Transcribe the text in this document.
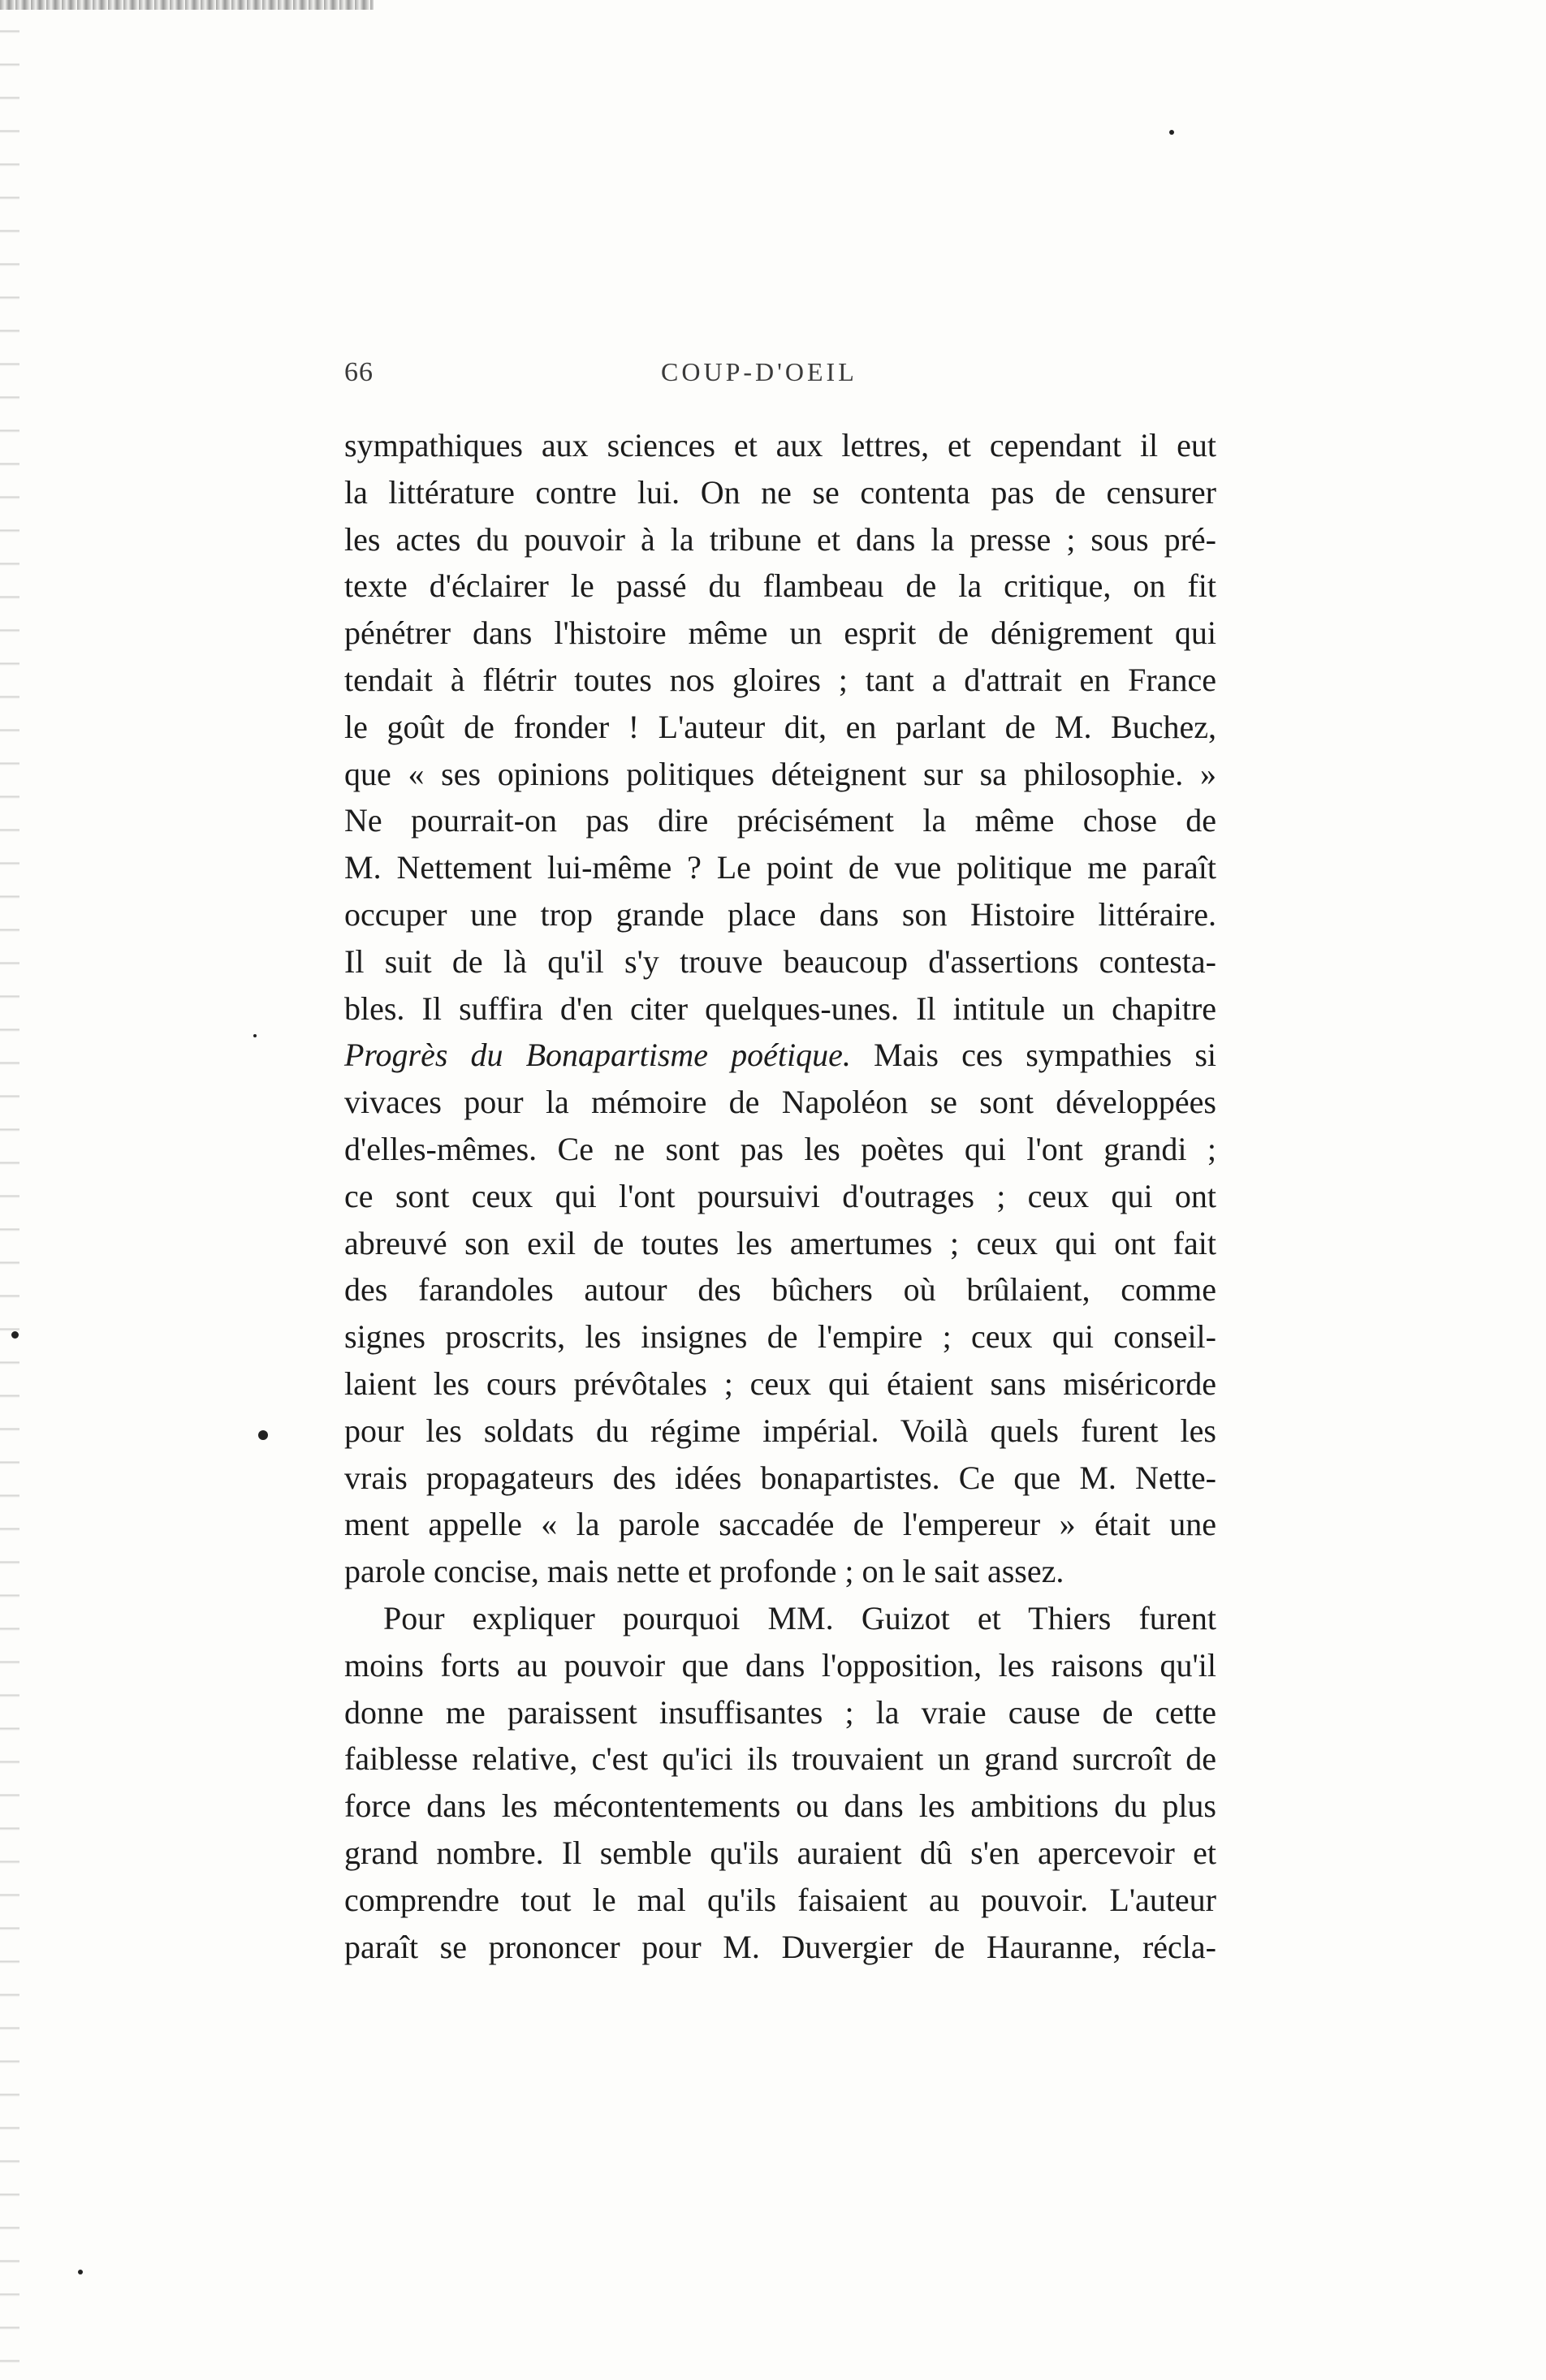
66	COUP-D'OEIL
sympathiques aux sciences et aux lettres, et cependant il eut
la littérature contre lui. On ne se contenta pas de censurer
les actes du pouvoir à la tribune et dans la presse ; sous pré-
texte d'éclairer le passé du flambeau de la critique, on fit
pénétrer dans l'histoire même un esprit de dénigrement qui
tendait à flétrir toutes nos gloires ; tant a d'attrait en France
le goût de fronder ! L'auteur dit, en parlant de M. Buchez,
que « ses opinions politiques déteignent sur sa philosophie. »
Ne pourrait-on pas dire précisément la même chose de
M. Nettement lui-même ? Le point de vue politique me paraît
occuper une trop grande place dans son Histoire littéraire.
Il suit de là qu'il s'y trouve beaucoup d'assertions contesta-
bles. Il suffira d'en citer quelques-unes. Il intitule un chapitre
Progrès du Bonapartisme poétique. Mais ces sympathies si
vivaces pour la mémoire de Napoléon se sont développées
d'elles-mêmes. Ce ne sont pas les poètes qui l'ont grandi ;
ce sont ceux qui l'ont poursuivi d'outrages ; ceux qui ont
abreuvé son exil de toutes les amertumes ; ceux qui ont fait
des farandoles autour des bûchers où brûlaient, comme
signes proscrits, les insignes de l'empire ; ceux qui conseil-
laient les cours prévôtales ; ceux qui étaient sans miséricorde
pour les soldats du régime impérial. Voilà quels furent les
vrais propagateurs des idées bonapartistes. Ce que M. Nette-
ment appelle « la parole saccadée de l'empereur » était une
parole concise, mais nette et profonde ; on le sait assez.
Pour expliquer pourquoi MM. Guizot et Thiers furent
moins forts au pouvoir que dans l'opposition, les raisons qu'il
donne me paraissent insuffisantes ; la vraie cause de cette
faiblesse relative, c'est qu'ici ils trouvaient un grand surcroît de
force dans les mécontentements ou dans les ambitions du plus
grand nombre. Il semble qu'ils auraient dû s'en apercevoir et
comprendre tout le mal qu'ils faisaient au pouvoir. L'auteur
paraît se prononcer pour M. Duvergier de Hauranne, récla-
